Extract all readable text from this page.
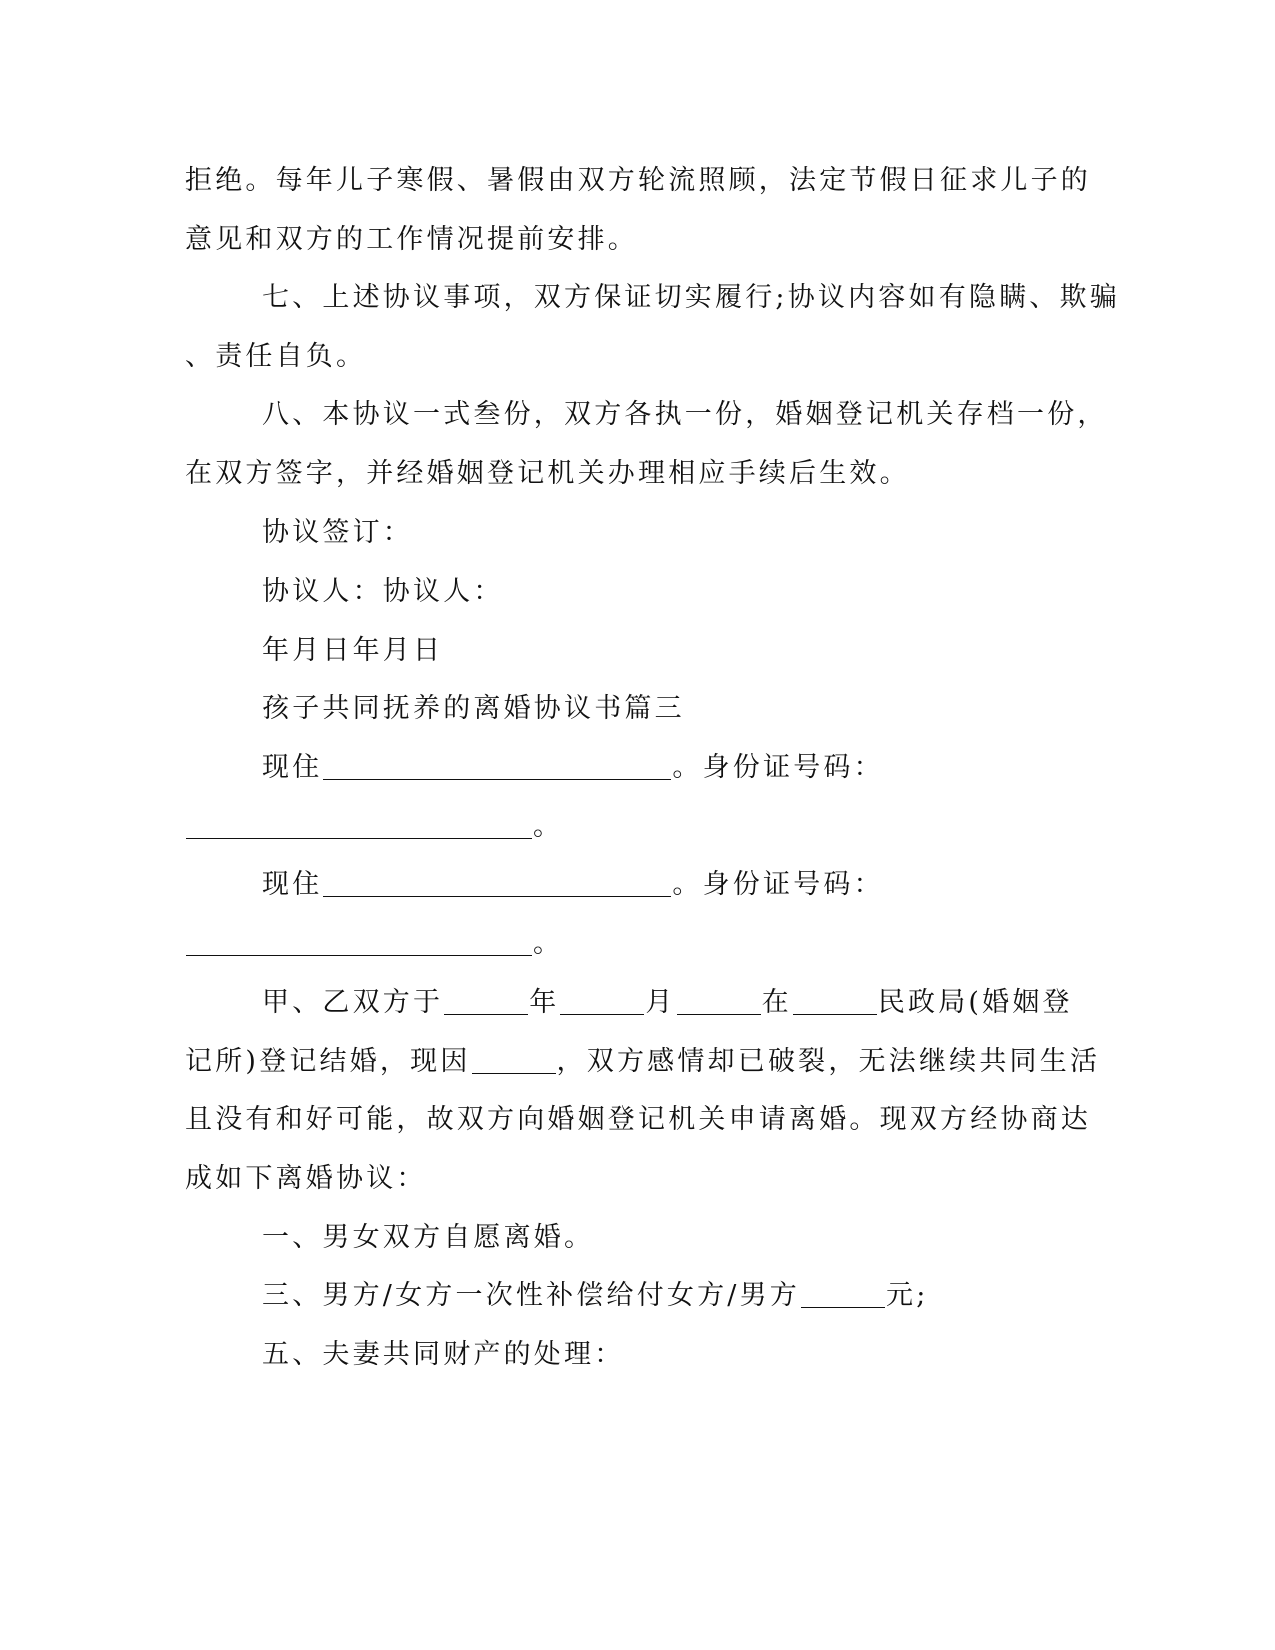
拒绝。每年儿子寒假、暑假由双方轮流照顾，法定节假日征求儿子的
意见和双方的工作情况提前安排。
七、上述协议事项，双方保证切实履行;协议内容如有隐瞒、欺骗
、责任自负。
八、本协议一式叁份，双方各执一份，婚姻登记机关存档一份，
在双方签字，并经婚姻登记机关办理相应手续后生效。
协议签订：
协议人：协议人：
年月日年月日
孩子共同抚养的离婚协议书篇三
现住	。身份证号码：
。
现住	。身份证号码：
。
甲、乙双方于	年	月	在	民政局(婚姻登
记所)登记结婚，现因	，双方感情却已破裂，无法继续共同生活
且没有和好可能，故双方向婚姻登记机关申请离婚。现双方经协商达
成如下离婚协议：
一、男女双方自愿离婚。
三、男方/女方一次性补偿给付女方/男方	元;
五、夫妻共同财产的处理：
